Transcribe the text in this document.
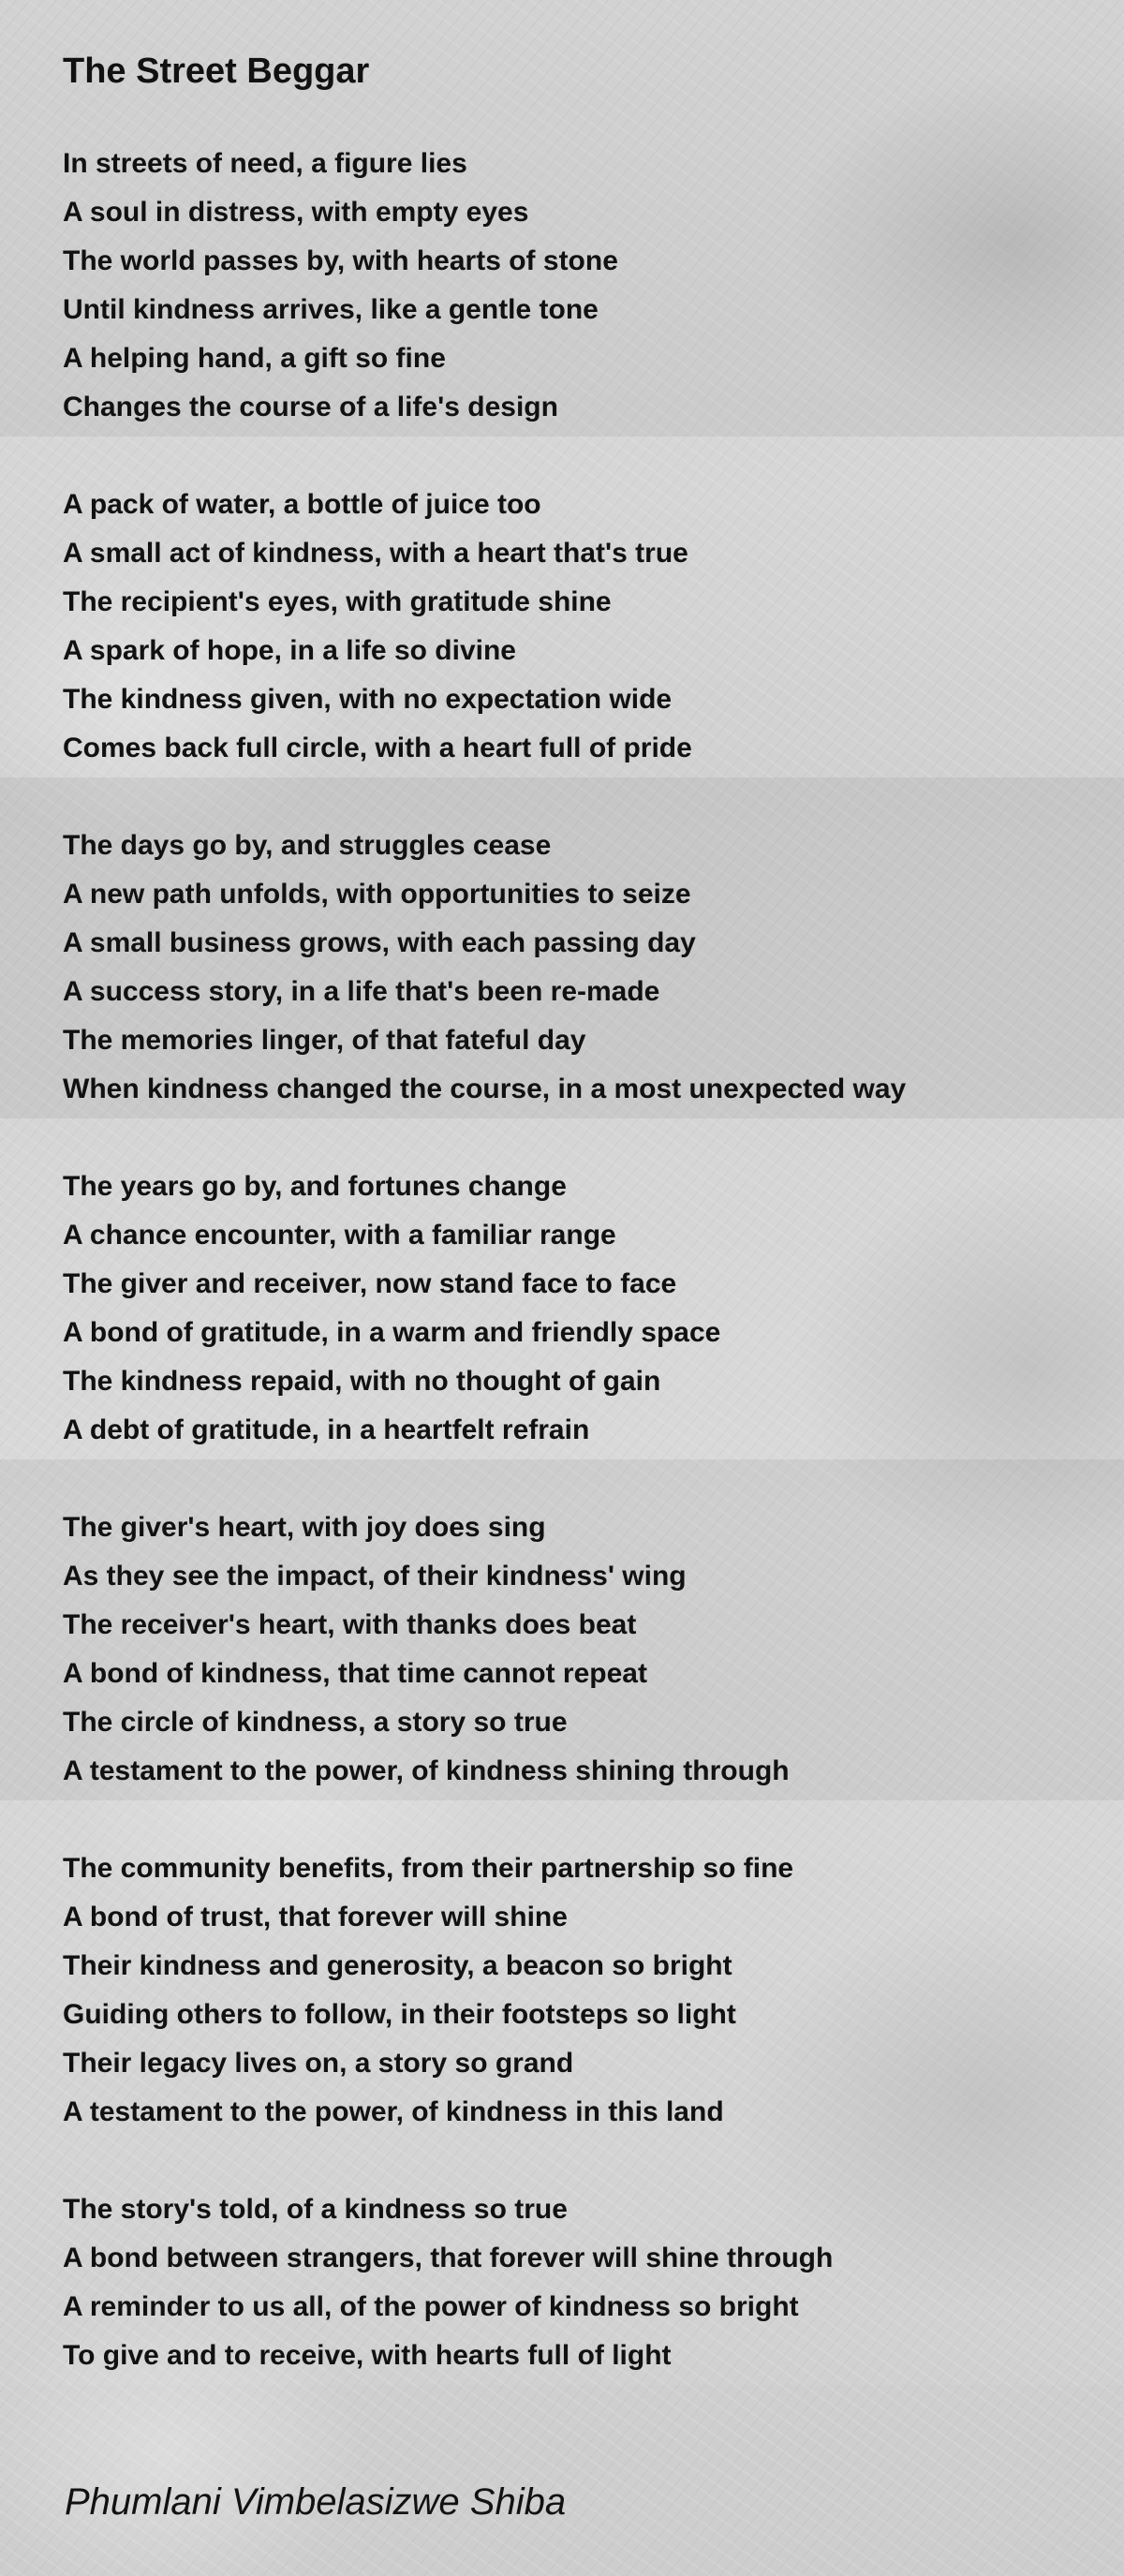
The Street Beggar
In streets of need, a figure lies
A soul in distress, with empty eyes
The world passes by, with hearts of stone
Until kindness arrives, like a gentle tone
A helping hand, a gift so fine
Changes the course of a life's design
A pack of water, a bottle of juice too
A small act of kindness, with a heart that's true
The recipient's eyes, with gratitude shine
A spark of hope, in a life so divine
The kindness given, with no expectation wide
Comes back full circle, with a heart full of pride
The days go by, and struggles cease
A new path unfolds, with opportunities to seize
A small business grows, with each passing day
A success story, in a life that's been re-made
The memories linger, of that fateful day
When kindness changed the course, in a most unexpected way
The years go by, and fortunes change
A chance encounter, with a familiar range
The giver and receiver, now stand face to face
A bond of gratitude, in a warm and friendly space
The kindness repaid, with no thought of gain
A debt of gratitude, in a heartfelt refrain
The giver's heart, with joy does sing
As they see the impact, of their kindness' wing
The receiver's heart, with thanks does beat
A bond of kindness, that time cannot repeat
The circle of kindness, a story so true
A testament to the power, of kindness shining through
The community benefits, from their partnership so fine
A bond of trust, that forever will shine
Their kindness and generosity, a beacon so bright
Guiding others to follow, in their footsteps so light
Their legacy lives on, a story so grand
A testament to the power, of kindness in this land
The story's told, of a kindness so true
A bond between strangers, that forever will shine through
A reminder to us all, of the power of kindness so bright
To give and to receive, with hearts full of light
Phumlani Vimbelasizwe Shiba
